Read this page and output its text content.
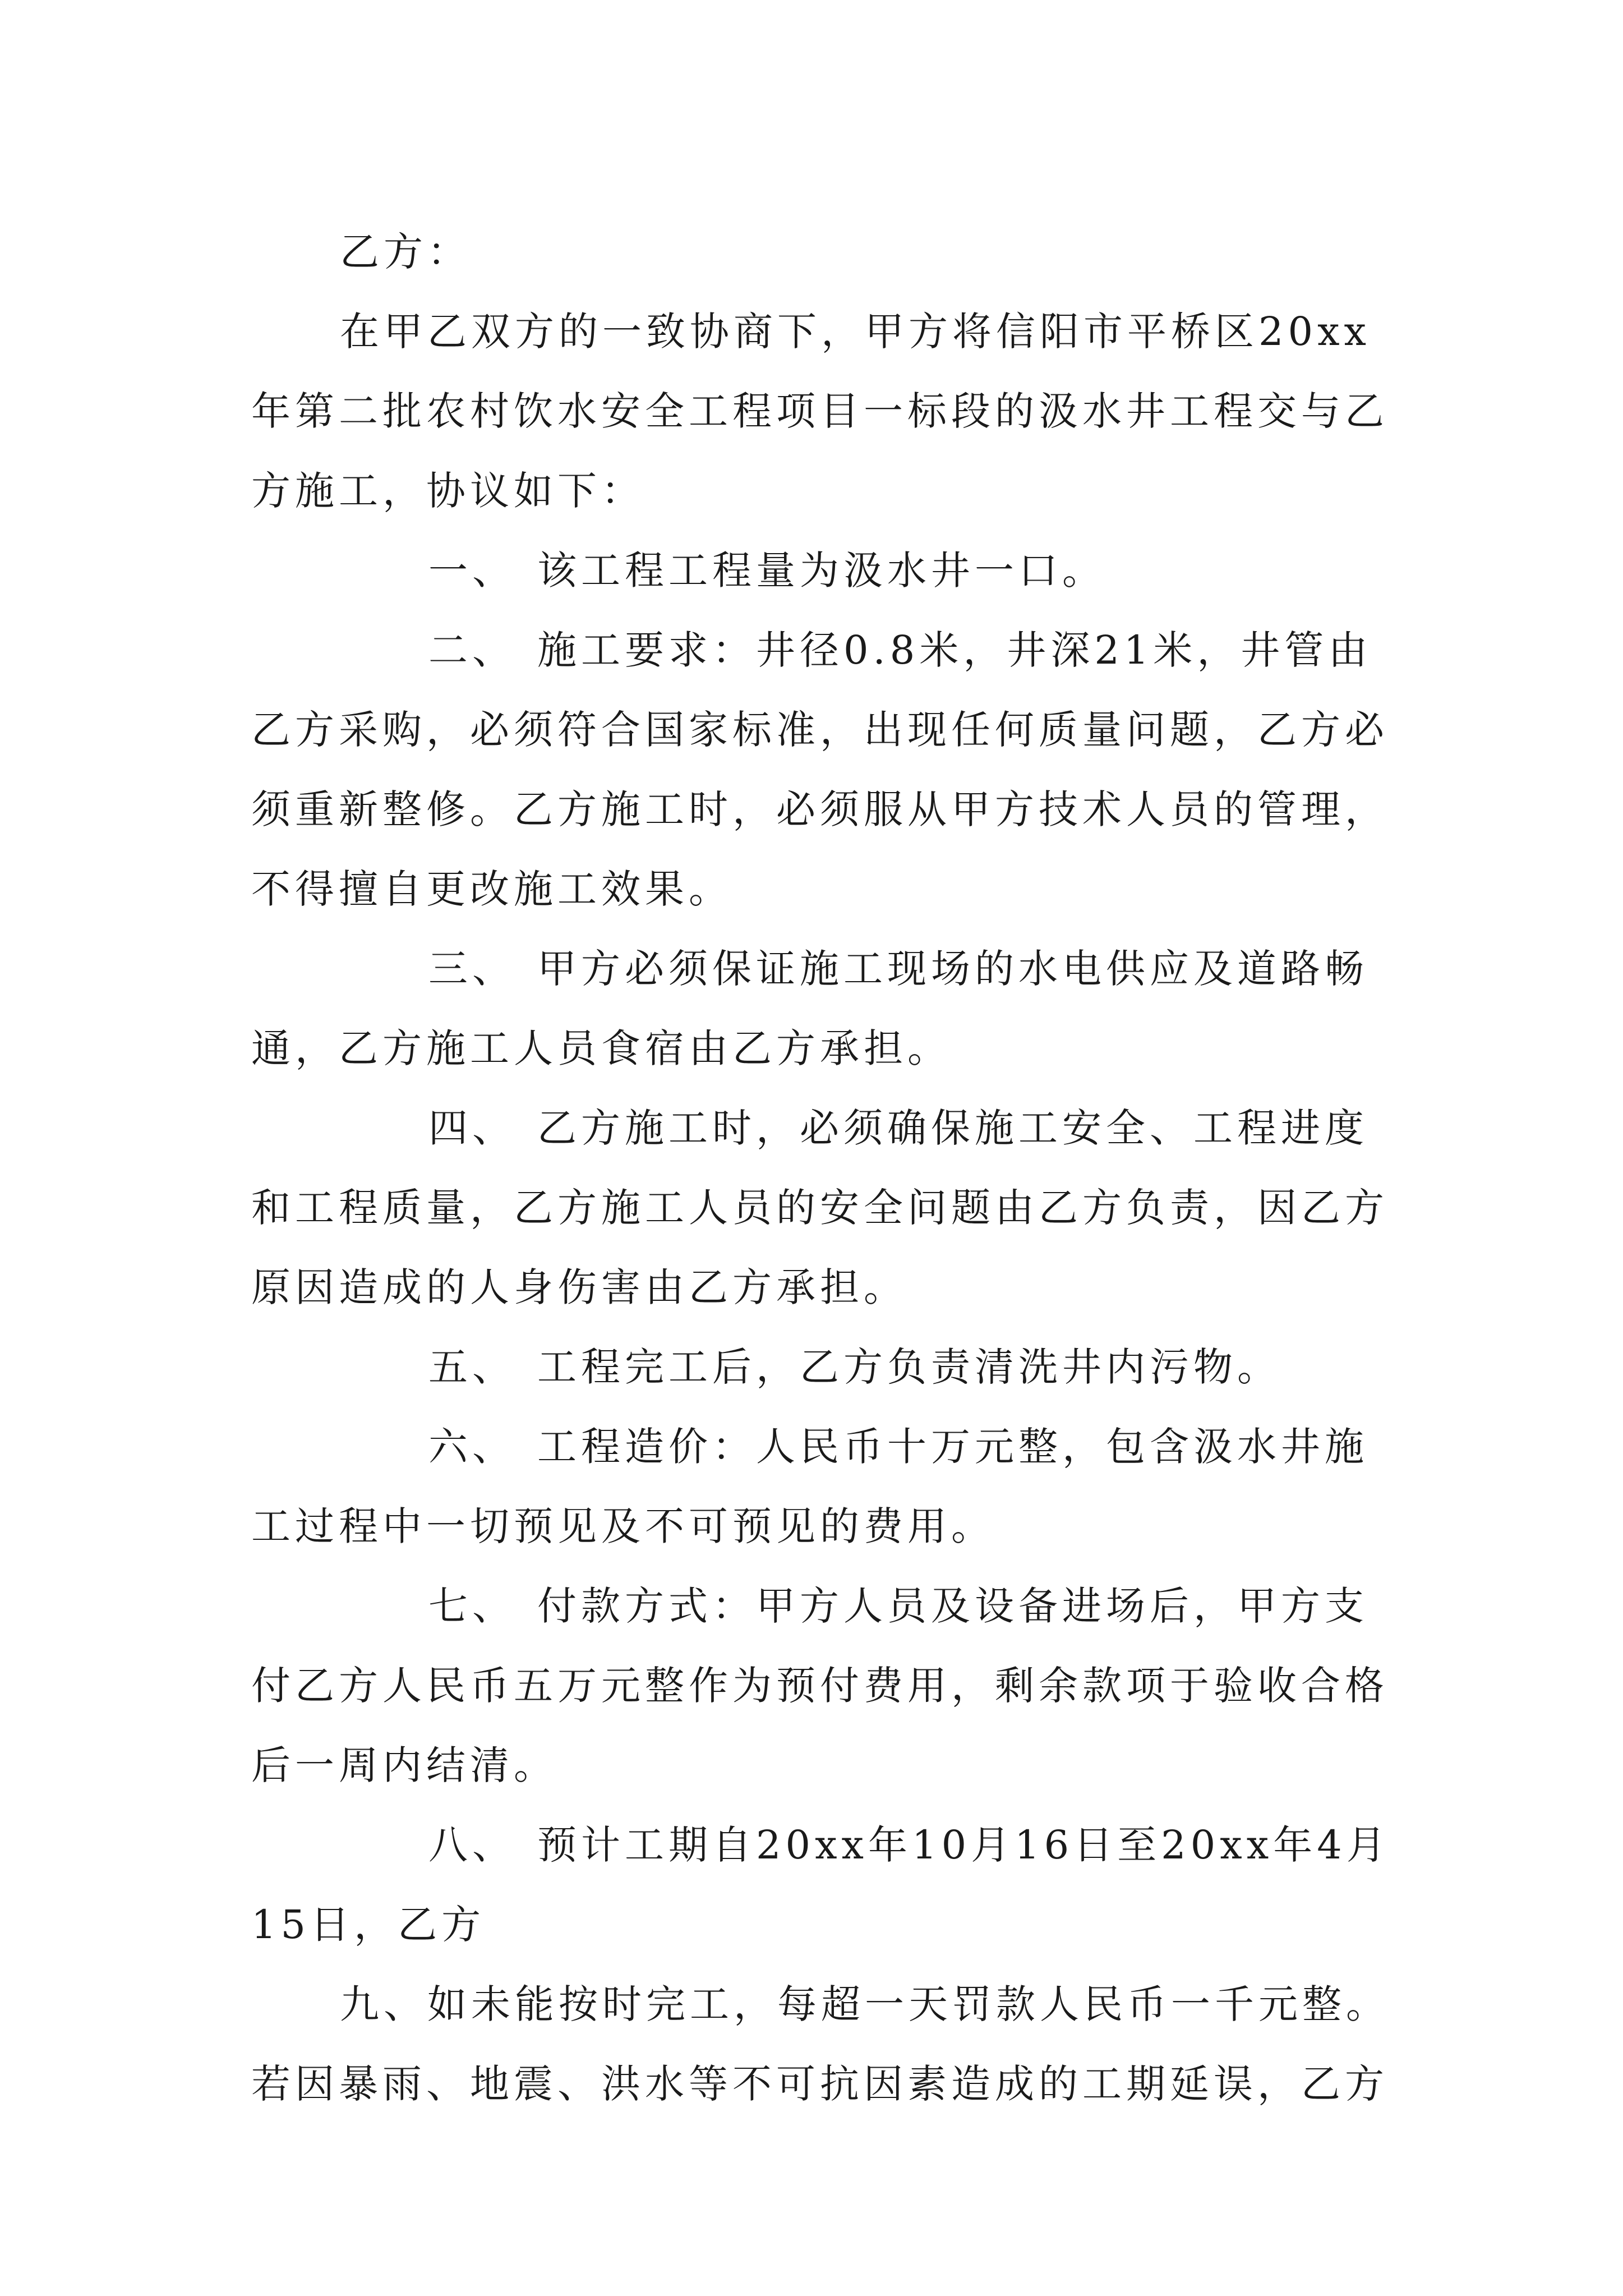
乙方：

在甲乙双方的一致协商下，甲方将信阳市平桥区20xx年第二批农村饮水安全工程项目一标段的汲水井工程交与乙方施工，协议如下：

一、 该工程工程量为汲水井一口。

二、 施工要求：井径0.8米，井深21米，井管由乙方采购，必须符合国家标准，出现任何质量问题，乙方必须重新整修。乙方施工时，必须服从甲方技术人员的管理，不得擅自更改施工效果。

三、 甲方必须保证施工现场的水电供应及道路畅通，乙方施工人员食宿由乙方承担。

四、 乙方施工时，必须确保施工安全、工程进度和工程质量，乙方施工人员的安全问题由乙方负责，因乙方原因造成的人身伤害由乙方承担。

五、 工程完工后，乙方负责清洗井内污物。

六、 工程造价：人民币十万元整，包含汲水井施工过程中一切预见及不可预见的费用。

七、 付款方式：甲方人员及设备进场后，甲方支付乙方人民币五万元整作为预付费用，剩余款项于验收合格后一周内结清。

八、 预计工期自20xx年10月16日至20xx年4月15日，乙方

九、如未能按时完工，每超一天罚款人民币一千元整。若因暴雨、地震、洪水等不可抗因素造成的工期延误，乙方
